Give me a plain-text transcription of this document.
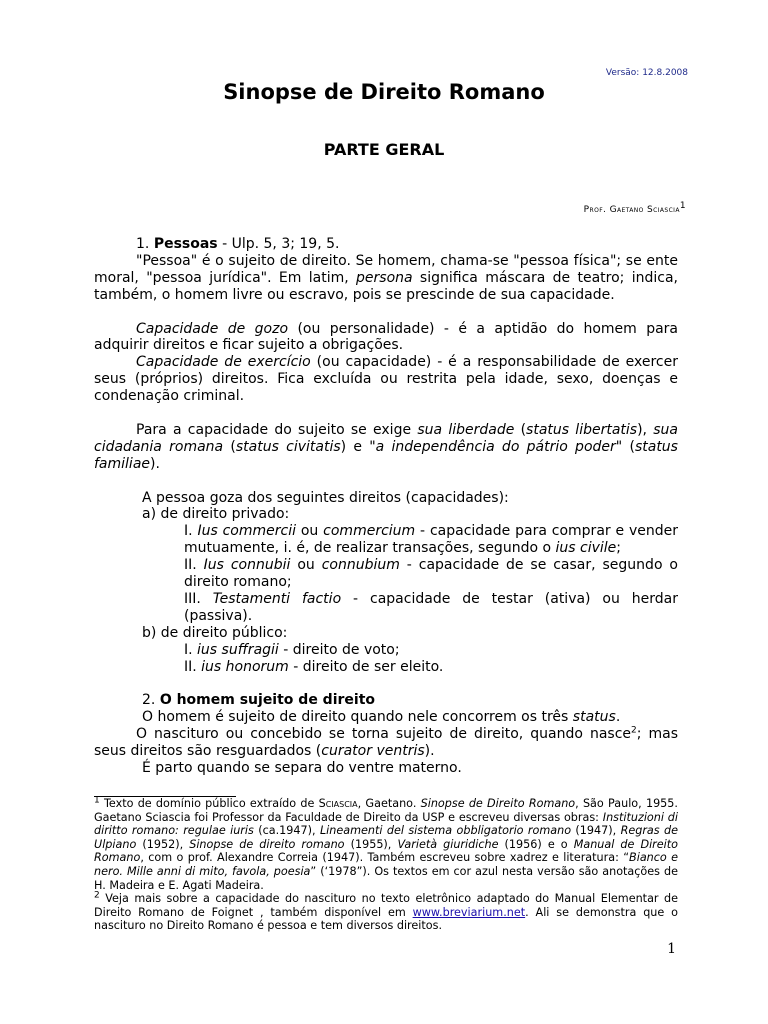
Versão: 12.8.2008
Sinopse de Direito Romano
PARTE GERAL
Prof. Gaetano Sciascia$^1$

1. Pessoas - Ulp. 5, 3; 19, 5.

"Pessoa" é o sujeito de direito. Se homem, chama-se "pessoa física"; se ente moral, "pessoa jurídica". Em latim, persona significa máscara de teatro; indica, também, o homem livre ou escravo, pois se prescinde de sua capacidade.

Capacidade de gozo (ou personalidade) - é a aptidão do homem para adquirir direitos e ficar sujeito a obrigações.

Capacidade de exercício (ou capacidade) - é a responsabilidade de exercer seus (próprios) direitos. Fica excluída ou restrita pela idade, sexo, doenças e condenação criminal.

Para a capacidade do sujeito se exige sua liberdade (status libertatis), sua cidadania romana (status civitatis) e "a independência do pátrio poder" (status familiae).

A pessoa goza dos seguintes direitos (capacidades):

a) de direito privado:

I. Ius commercii ou commercium - capacidade para comprar e vender mutuamente, i. é, de realizar transações, segundo o ius civile;

II. Ius connubii ou connubium - capacidade de se casar, segundo o direito romano;

III. Testamenti factio - capacidade de testar (ativa) ou herdar (passiva).

b) de direito público:

I. ius suffragii - direito de voto;

II. ius honorum - direito de ser eleito.

2. O homem sujeito de direito

O homem é sujeito de direito quando nele concorrem os três status.

O nascituro ou concebido se torna sujeito de direito, quando nasce$^2$; mas seus direitos são resguardados (curator ventris).

É parto quando se separa do ventre materno.

$^1$ Texto de domínio público extraído de Sciascia, Gaetano. Sinopse de Direito Romano, São Paulo, 1955. Gaetano Sciascia foi Professor da Faculdade de Direito da USP e escreveu diversas obras: Instituzioni di diritto romano: regulae iuris (ca.1947), Lineamenti del sistema obbligatorio romano (1947), Regras de Ulpiano (1952), Sinopse de direito romano (1955), Varietà giuridiche (1956) e o Manual de Direito Romano, com o prof. Alexandre Correia (1947). Também escreveu sobre xadrez e literatura: “Bianco e nero. Mille anni di mito, favola, poesia” (‘1978”). Os textos em cor azul nesta versão são anotações de H. Madeira e E. Agati Madeira.

$^2$ Veja mais sobre a capacidade do nascituro no texto eletrônico adaptado do Manual Elementar de Direito Romano de Foignet , também disponível em www.breviarium.net. Ali se demonstra que o nascituro no Direito Romano é pessoa e tem diversos direitos.

1
